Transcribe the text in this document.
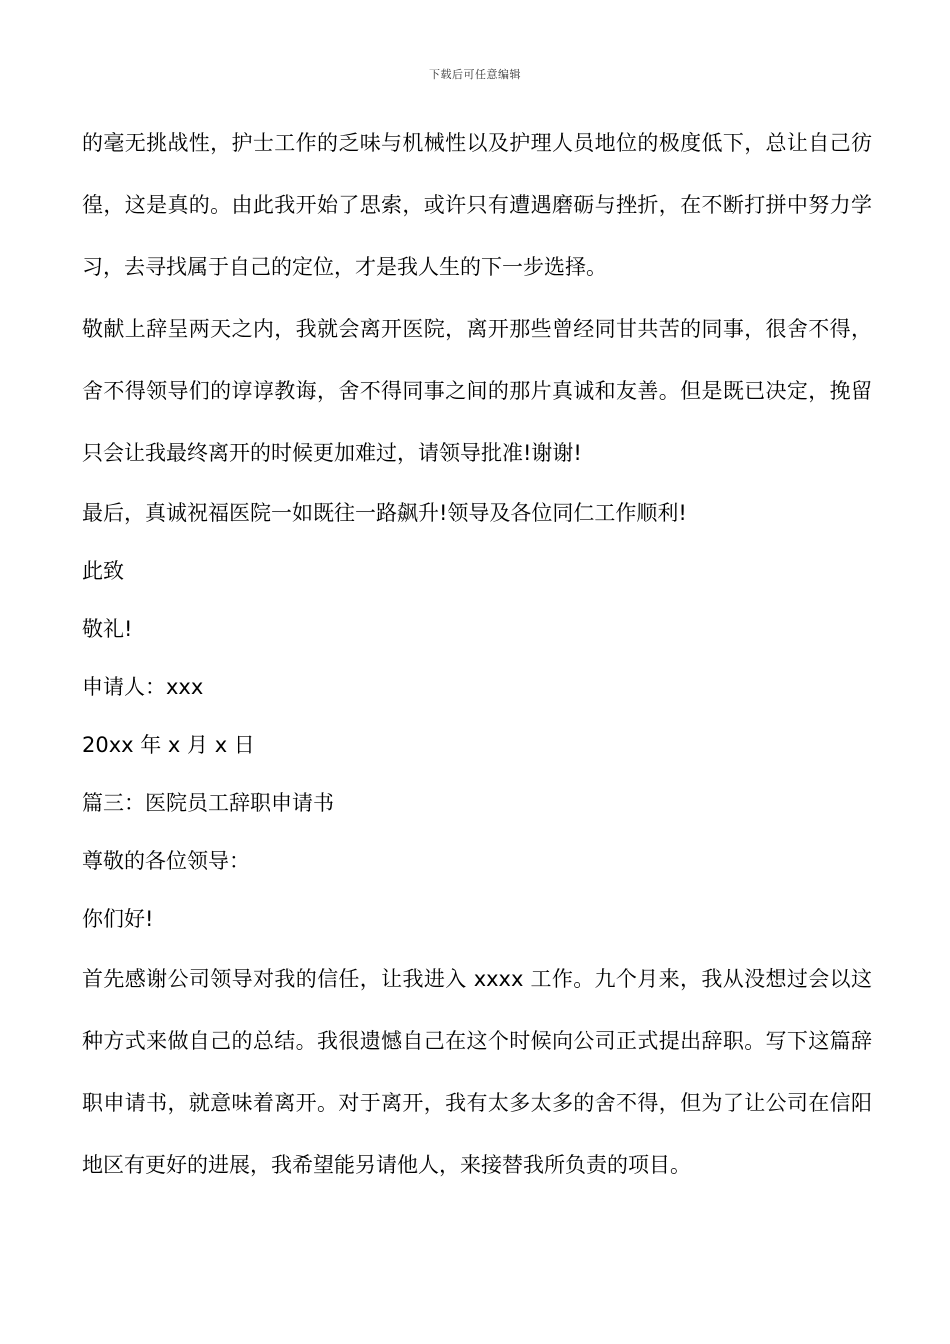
下载后可任意编辑

的毫无挑战性，护士工作的乏味与机械性以及护理人员地位的极度低下，总让自己彷徨，这是真的。由此我开始了思索，或许只有遭遇磨砺与挫折，在不断打拼中努力学习，去寻找属于自己的定位，才是我人生的下一步选择。

敬献上辞呈两天之内，我就会离开医院，离开那些曾经同甘共苦的同事，很舍不得，舍不得领导们的谆谆教诲，舍不得同事之间的那片真诚和友善。但是既已决定，挽留只会让我最终离开的时候更加难过，请领导批准!谢谢!

最后，真诚祝福医院一如既往一路飙升!领导及各位同仁工作顺利!

此致

敬礼!

申请人：xxx

20xx 年 x 月 x 日

篇三：医院员工辞职申请书

尊敬的各位领导：

你们好!

首先感谢公司领导对我的信任，让我进入 xxxx 工作。九个月来，我从没想过会以这种方式来做自己的总结。我很遗憾自己在这个时候向公司正式提出辞职。写下这篇辞职申请书，就意味着离开。对于离开，我有太多太多的舍不得，但为了让公司在信阳地区有更好的进展，我希望能另请他人，来接替我所负责的项目。
